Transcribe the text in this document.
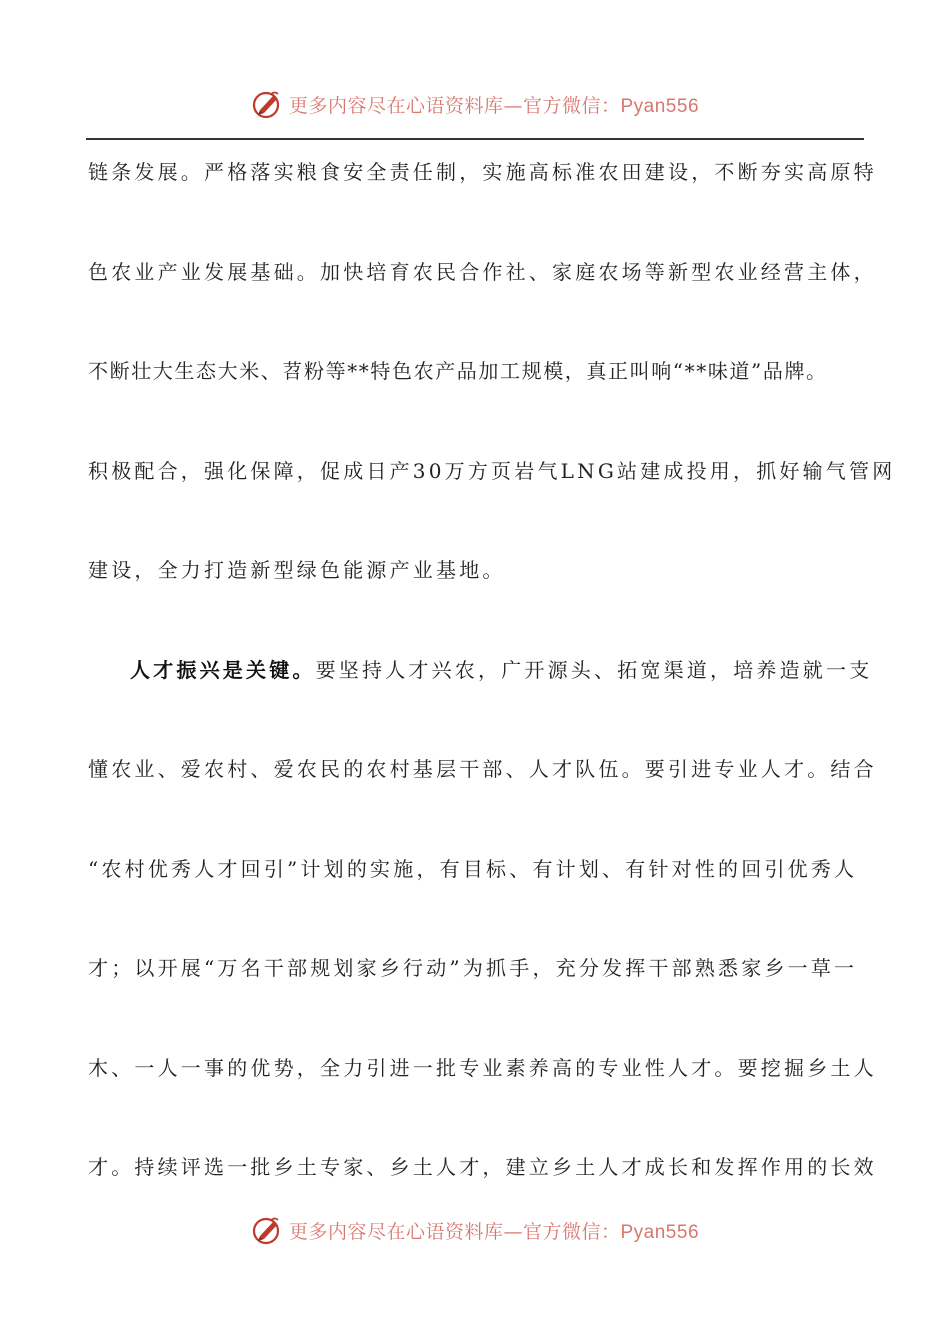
更多内容尽在心语资料库—官方微信：Pyan556
链条发展。严格落实粮食安全责任制，实施高标准农田建设，不断夯实高原特
色农业产业发展基础。加快培育农民合作社、家庭农场等新型农业经营主体，
不断壮大生态大米、苕粉等**特色农产品加工规模，真正叫响“**味道”品牌。
积极配合，强化保障，促成日产30万方页岩气LNG站建成投用，抓好输气管网
建设，全力打造新型绿色能源产业基地。
人才振兴是关键。要坚持人才兴农，广开源头、拓宽渠道，培养造就一支
懂农业、爱农村、爱农民的农村基层干部、人才队伍。要引进专业人才。结合
“农村优秀人才回引”计划的实施，有目标、有计划、有针对性的回引优秀人
才；以开展“万名干部规划家乡行动”为抓手，充分发挥干部熟悉家乡一草一
木、一人一事的优势，全力引进一批专业素养高的专业性人才。要挖掘乡土人
才。持续评选一批乡土专家、乡土人才，建立乡土人才成长和发挥作用的长效
更多内容尽在心语资料库—官方微信：Pyan556
